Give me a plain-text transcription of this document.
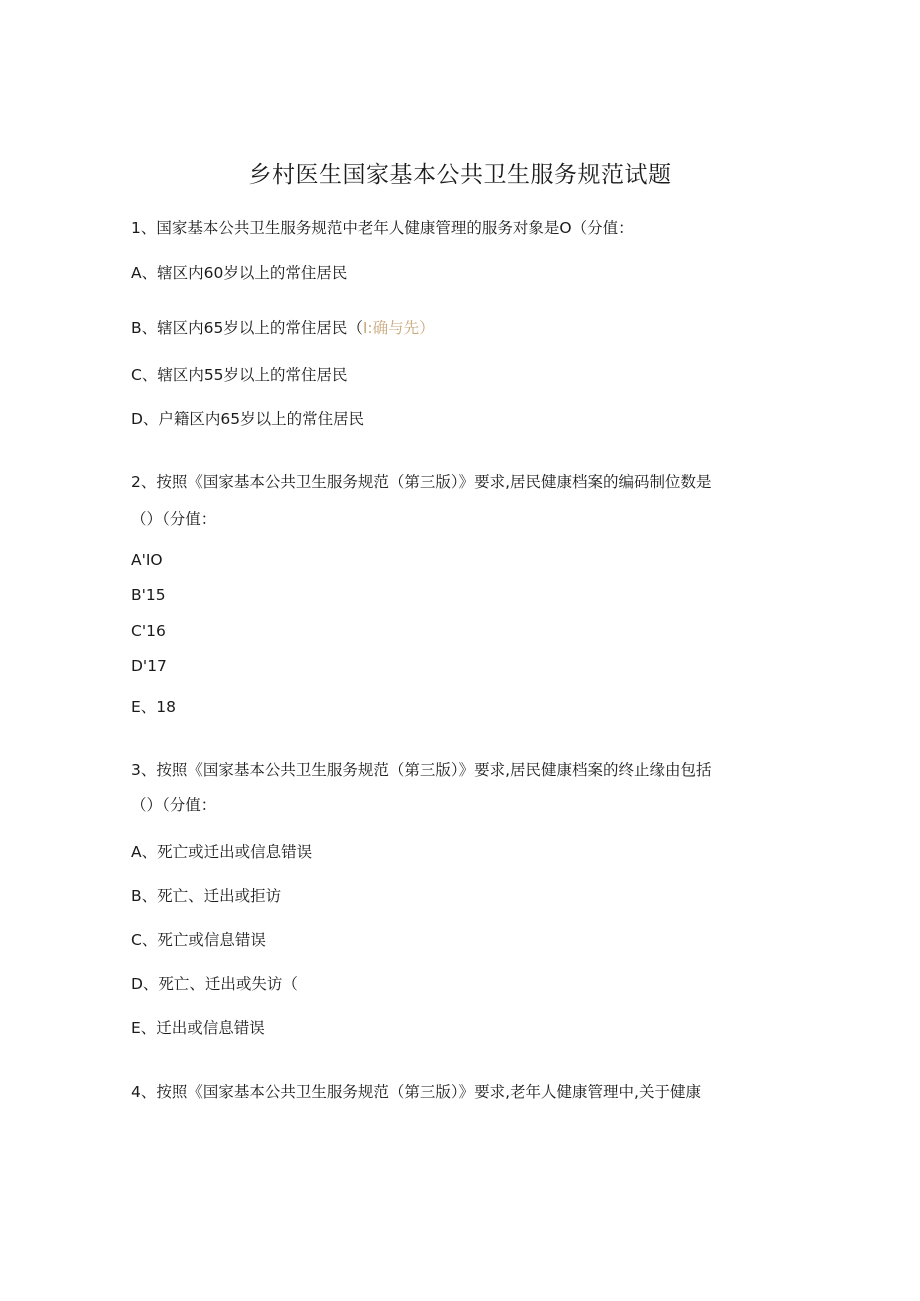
乡村医生国家基本公共卫生服务规范试题
1、国家基本公共卫生服务规范中老年人健康管理的服务对象是O（分值：
A、辖区内60岁以上的常住居民
B、辖区内65岁以上的常住居民（I:确与先）
C、辖区内55岁以上的常住居民
D、户籍区内65岁以上的常住居民
2、按照《国家基本公共卫生服务规范（第三版）》要求,居民健康档案的编码制位数是
（）（分值：
A'IO
B'15
C'16
D'17
E、18
3、按照《国家基本公共卫生服务规范（第三版）》要求,居民健康档案的终止缘由包括
（）（分值：
A、死亡或迁出或信息错误
B、死亡、迁出或拒访
C、死亡或信息错误
D、死亡、迁出或失访（
E、迁出或信息错误
4、按照《国家基本公共卫生服务规范（第三版）》要求,老年人健康管理中,关于健康
